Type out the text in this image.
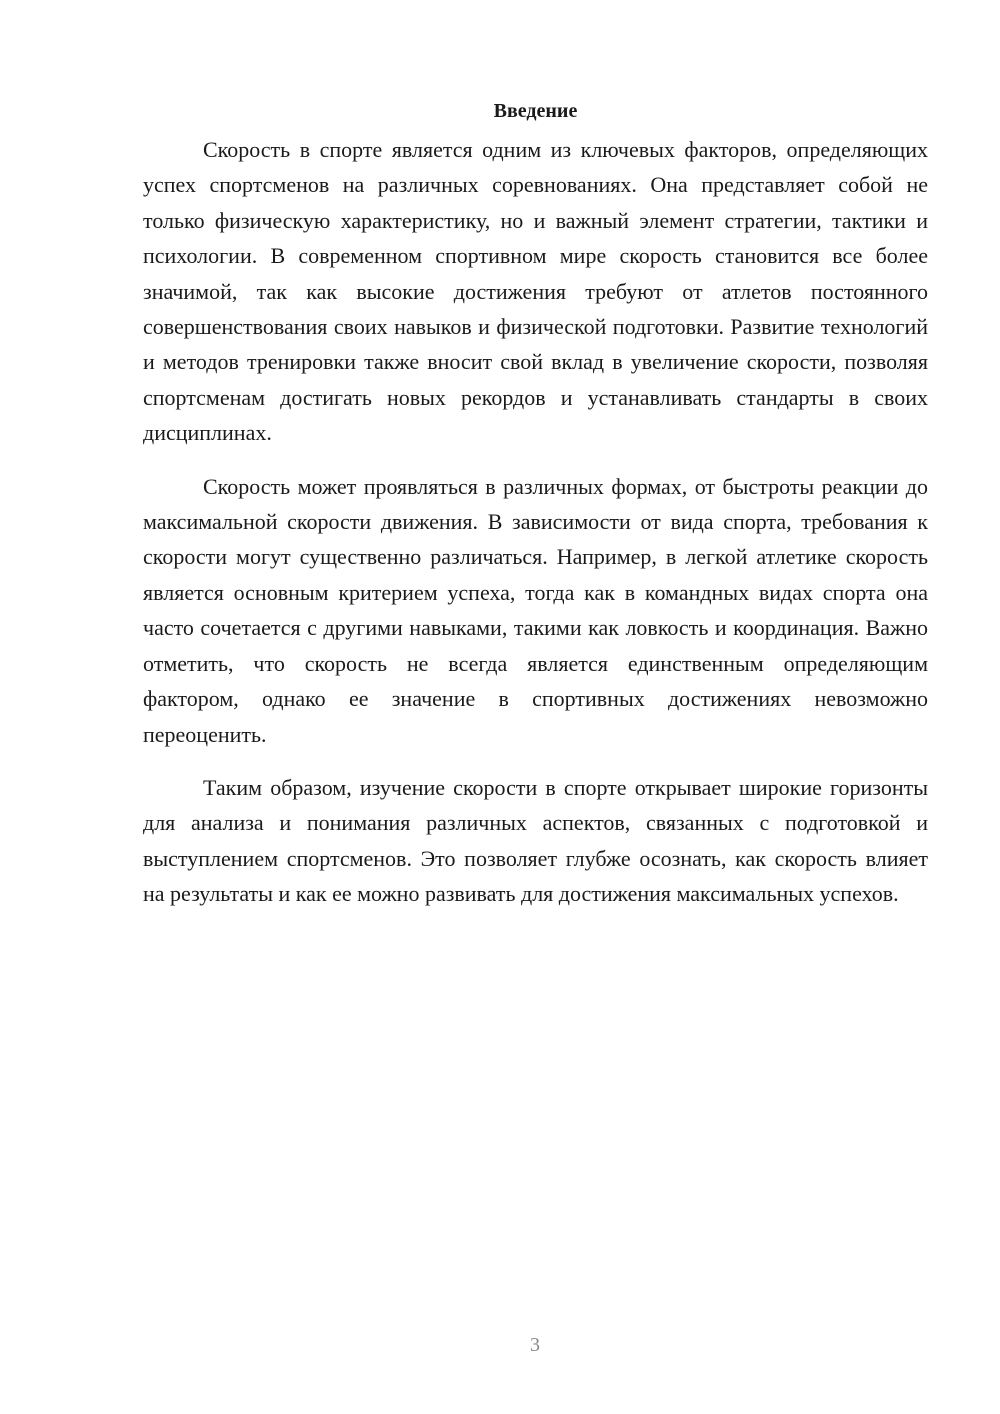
Введение

Скорость в спорте является одним из ключевых факторов, определяющих успех спортсменов на различных соревнованиях. Она представляет собой не только физическую характеристику, но и важный элемент стратегии, тактики и психологии. В современном спортивном мире скорость становится все более значимой, так как высокие достижения требуют от атлетов постоянного совершенствования своих навыков и физической подготовки. Развитие технологий и методов тренировки также вносит свой вклад в увеличение скорости, позволяя спортсменам достигать новых рекордов и устанавливать стандарты в своих дисциплинах.

Скорость может проявляться в различных формах, от быстроты реакции до максимальной скорости движения. В зависимости от вида спорта, требования к скорости могут существенно различаться. Например, в легкой атлетике скорость является основным критерием успеха, тогда как в командных видах спорта она часто сочетается с другими навыками, такими как ловкость и координация. Важно отметить, что скорость не всегда является единственным определяющим фактором, однако ее значение в спортивных достижениях невозможно переоценить.

Таким образом, изучение скорости в спорте открывает широкие горизонты для анализа и понимания различных аспектов, связанных с подготовкой и выступлением спортсменов. Это позволяет глубже осознать, как скорость влияет на результаты и как ее можно развивать для достижения максимальных успехов.

3
